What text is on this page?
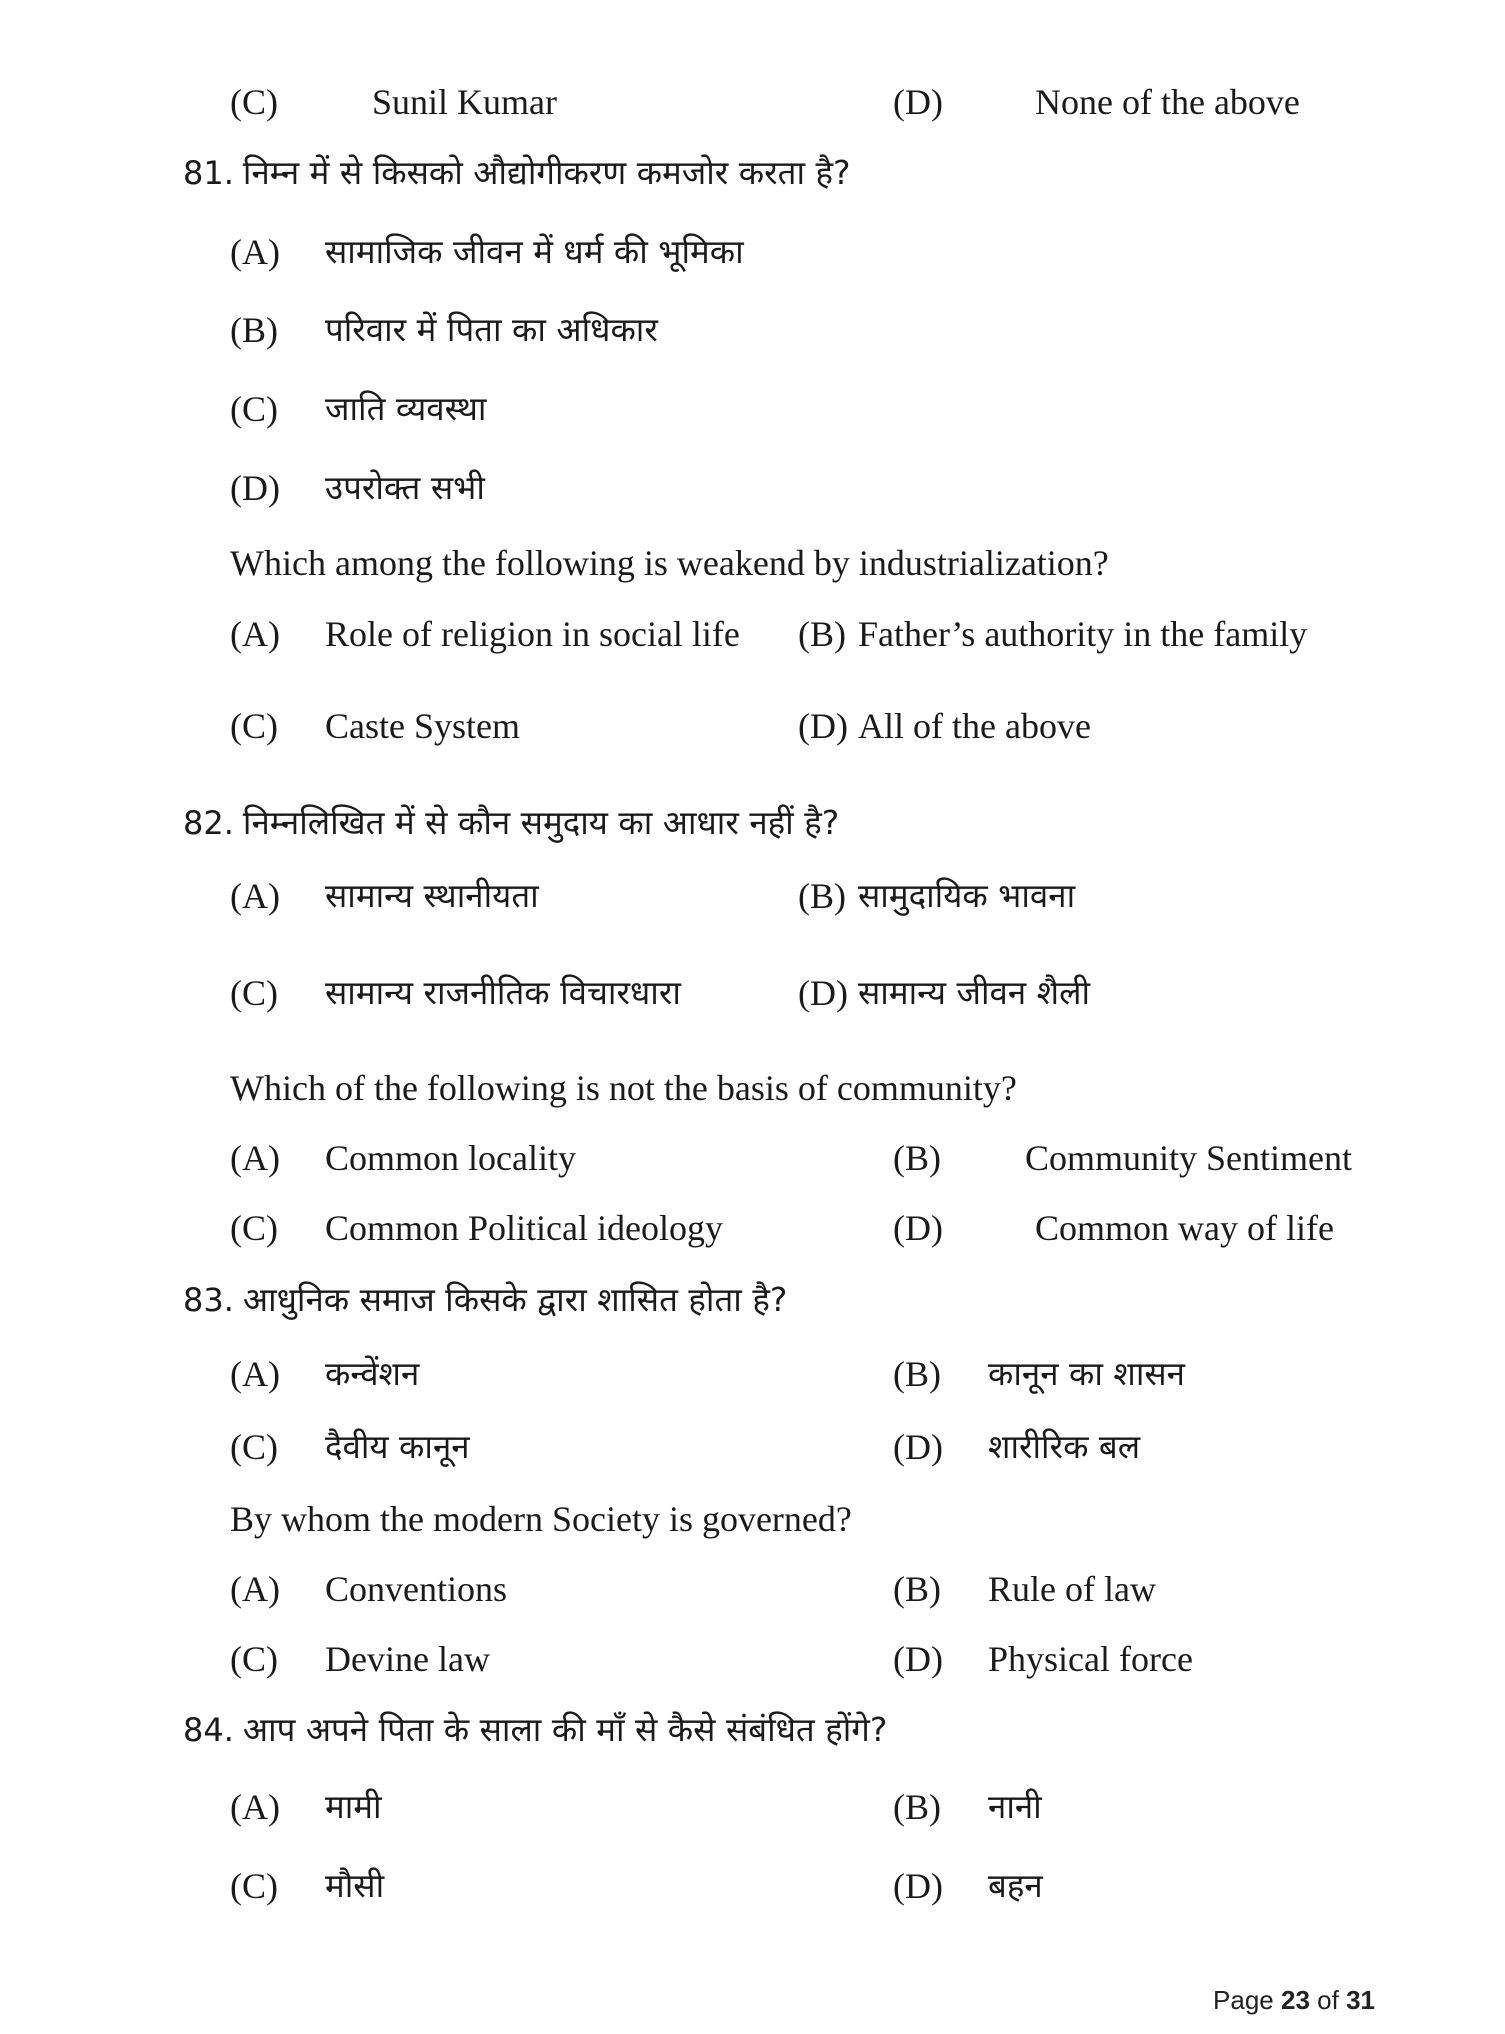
(C)	Sunil Kumar	(D)	None of the above
81. निम्न में से किसको औद्योगीकरण कमजोर करता है?
(A) सामाजिक जीवन में धर्म की भूमिका
(B) परिवार में पिता का अधिकार
(C) जाति व्यवस्था
(D) उपरोक्त सभी
Which among the following is weakend by industrialization?
(A) Role of religion in social life (B) Father’s authority in the family
(C) Caste System	(D) All of the above
82. निम्नलिखित में से कौन समुदाय का आधार नहीं है?
(A) सामान्य स्थानीयता	(B) सामुदायिक भावना
(C) सामान्य राजनीतिक विचारधारा	(D) सामान्य जीवन शैली
Which of the following is not the basis of community?
(A) Common locality	(B) Community Sentiment
(C) Common Political ideology	(D)	Common way of life
83. आधुनिक समाज किसके द्वारा शासित होता है?
(A) कन्वेंशन	(B) कानून का शासन
(C) दैवीय कानून	(D) शारीरिक बल
By whom the modern Society is governed?
(A) Conventions	(B) Rule of law
(C) Devine law	(D) Physical force
84. आप अपने पिता के साला की माँ से कैसे संबंधित होंगे?
(A) मामी	(B) नानी
(C) मौसी	(D) बहन
Page 23 of 31
